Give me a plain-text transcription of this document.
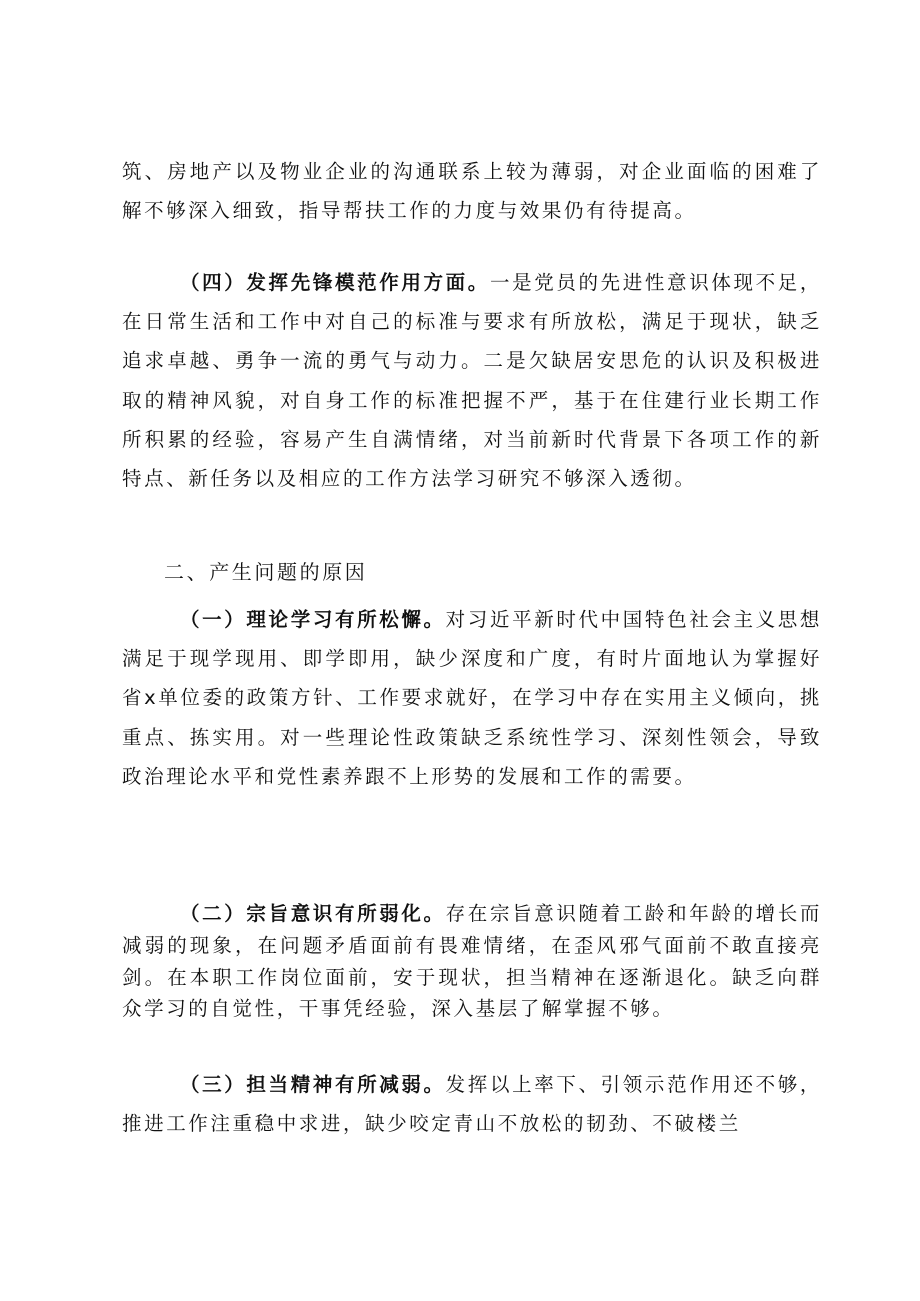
筑、房地产以及物业企业的沟通联系上较为薄弱，对企业面临的困难了解不够深入细致，指导帮扶工作的力度与效果仍有待提高。

（四）发挥先锋模范作用方面。一是党员的先进性意识体现不足，在日常生活和工作中对自己的标准与要求有所放松，满足于现状，缺乏追求卓越、勇争一流的勇气与动力。二是欠缺居安思危的认识及积极进取的精神风貌，对自身工作的标准把握不严，基于在住建行业长期工作所积累的经验，容易产生自满情绪，对当前新时代背景下各项工作的新特点、新任务以及相应的工作方法学习研究不够深入透彻。

二、产生问题的原因

（一）理论学习有所松懈。对习近平新时代中国特色社会主义思想满足于现学现用、即学即用，缺少深度和广度，有时片面地认为掌握好省x单位委的政策方针、工作要求就好，在学习中存在实用主义倾向，挑重点、拣实用。对一些理论性政策缺乏系统性学习、深刻性领会，导致政治理论水平和党性素养跟不上形势的发展和工作的需要。

（二）宗旨意识有所弱化。存在宗旨意识随着工龄和年龄的增长而减弱的现象，在问题矛盾面前有畏难情绪，在歪风邪气面前不敢直接亮剑。在本职工作岗位面前，安于现状，担当精神在逐渐退化。缺乏向群众学习的自觉性，干事凭经验，深入基层了解掌握不够。

（三）担当精神有所减弱。发挥以上率下、引领示范作用还不够，推进工作注重稳中求进，缺少咬定青山不放松的韧劲、不破楼兰
